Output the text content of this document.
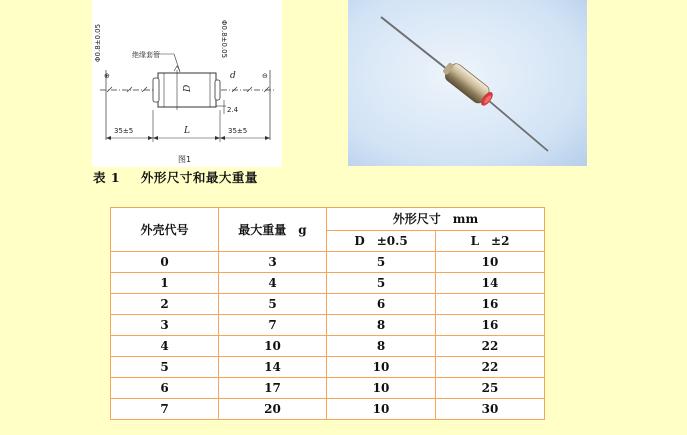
绝缘套管
D
d
2.4
35±5	L	35±5
⊕	⊖
Φ0.8±0.05	Φ0.8±0.05
图1
表 1 外形尺寸和最大重量
外壳代号	最大重量　g	外形尺寸　mm	
		D　±0.5	L　±2
0	3	5	10
1	4	5	14
2	5	6	16
3	7	8	16
4	10	8	22
5	14	10	22
6	17	10	25
7	20	10	30
